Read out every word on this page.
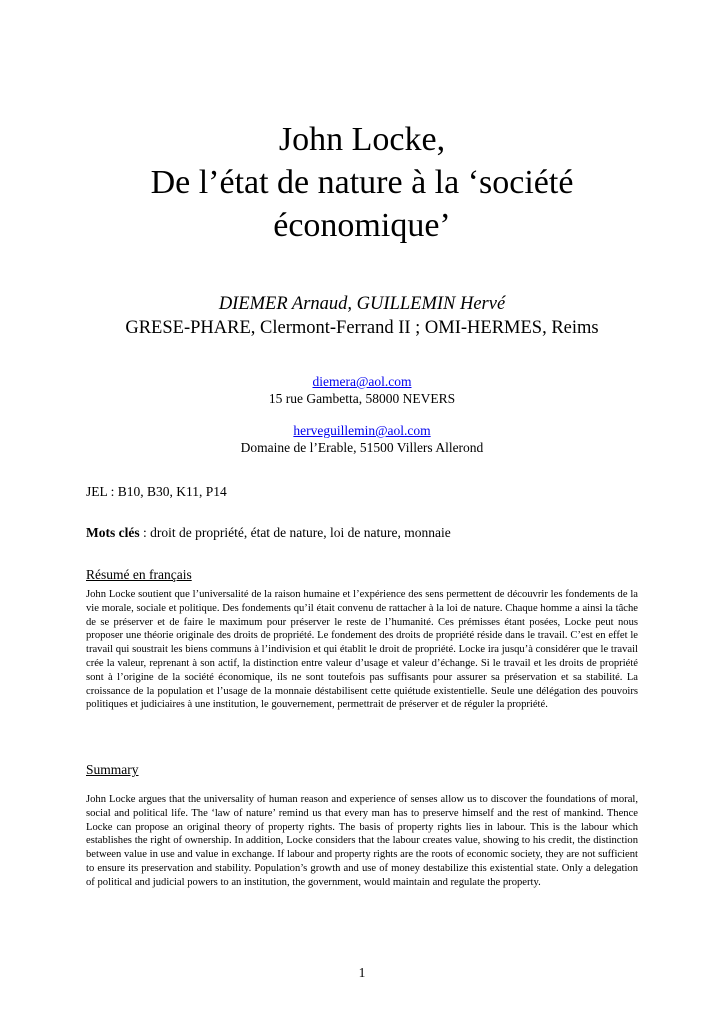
John Locke,
De l’état de nature à la ‘société
économique’
DIEMER Arnaud, GUILLEMIN Hervé
GRESE-PHARE, Clermont-Ferrand II ; OMI-HERMES, Reims
diemera@aol.com
15 rue Gambetta, 58000 NEVERS
herveguillemin@aol.com
Domaine de l’Erable, 51500 Villers Allerond
JEL : B10, B30, K11, P14
Mots clés : droit de propriété, état de nature, loi de nature, monnaie
Résumé en français

John Locke soutient que l’universalité de la raison humaine et l’expérience des sens permettent de découvrir les fondements de la vie morale, sociale et politique. Des fondements qu’il était convenu de rattacher à la loi de nature. Chaque homme a ainsi la tâche de se préserver et de faire le maximum pour préserver le reste de l’humanité. Ces prémisses étant posées, Locke peut nous proposer une théorie originale des droits de propriété. Le fondement des droits de propriété réside dans le travail. C’est en effet le travail qui soustrait les biens communs à l’indivision et qui établit le droit de propriété. Locke ira jusqu’à considérer que le travail crée la valeur, reprenant à son actif, la distinction entre valeur d’usage et valeur d’échange. Si le travail et les droits de propriété sont à l’origine de la société économique, ils ne sont toutefois pas suffisants pour assurer sa préservation et sa stabilité. La croissance de la population et l’usage de la monnaie déstabilisent cette quiétude existentielle. Seule une délégation des pouvoirs politiques et judiciaires à une institution, le gouvernement, permettrait de préserver et de réguler la propriété.

Summary

John Locke argues that the universality of human reason and experience of senses allow us to discover the foundations of moral, social and political life. The ‘law of nature’ remind us that every man has to preserve himself and the rest of mankind. Thence Locke can propose an original theory of property rights. The basis of property rights lies in labour. This is the labour which establishes the right of ownership. In addition, Locke considers that the labour creates value, showing to his credit, the distinction between value in use and value in exchange. If labour and property rights are the roots of economic society, they are not sufficient to ensure its preservation and stability. Population’s growth and use of money destabilize this existential state. Only a delegation of political and judicial powers to an institution, the government, would maintain and regulate the property.

1
